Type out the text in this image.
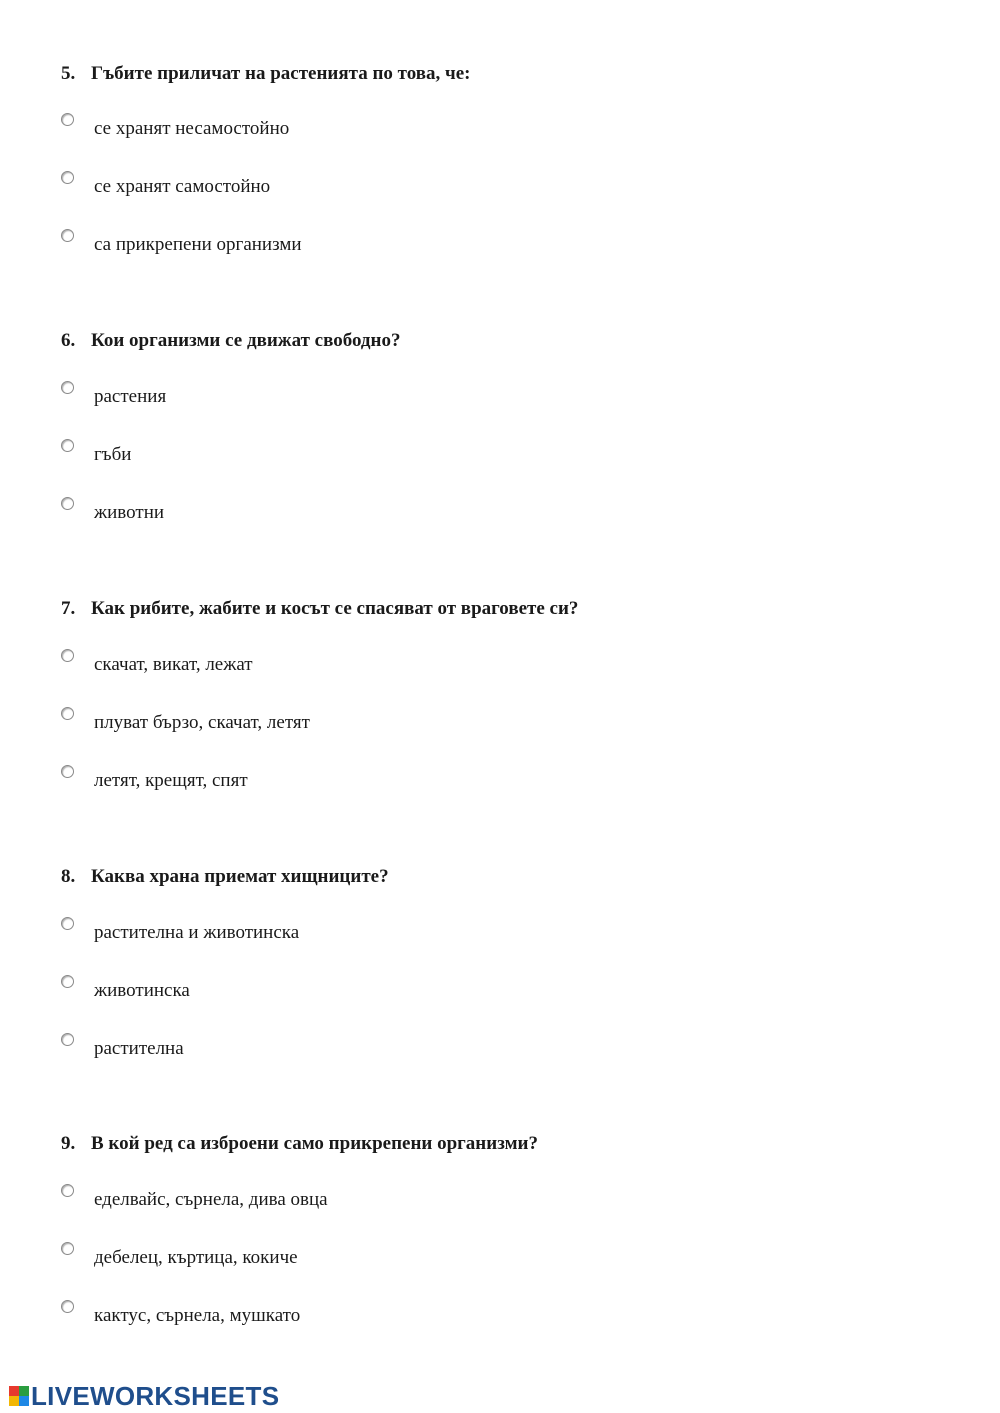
5. Гъбите приличат на растенията по това, че:
се хранят несамостойно
се хранят самостойно
са прикрепени организми
6. Кои организми се движат свободно?
растения
гъби
животни
7. Как рибите, жабите и косът се спасяват от враговете си?
скачат, викат, лежат
плуват бързо, скачат, летят
летят, крещят, спят
8. Каква храна приемат хищниците?
растителна и животинска
животинска
растителна
9. В кой ред са изброени само прикрепени организми?
еделвайс, сърнела, дива овца
дебелец, къртица, кокиче
кактус, сърнела, мушкато
LIVEWORKSHEETS
